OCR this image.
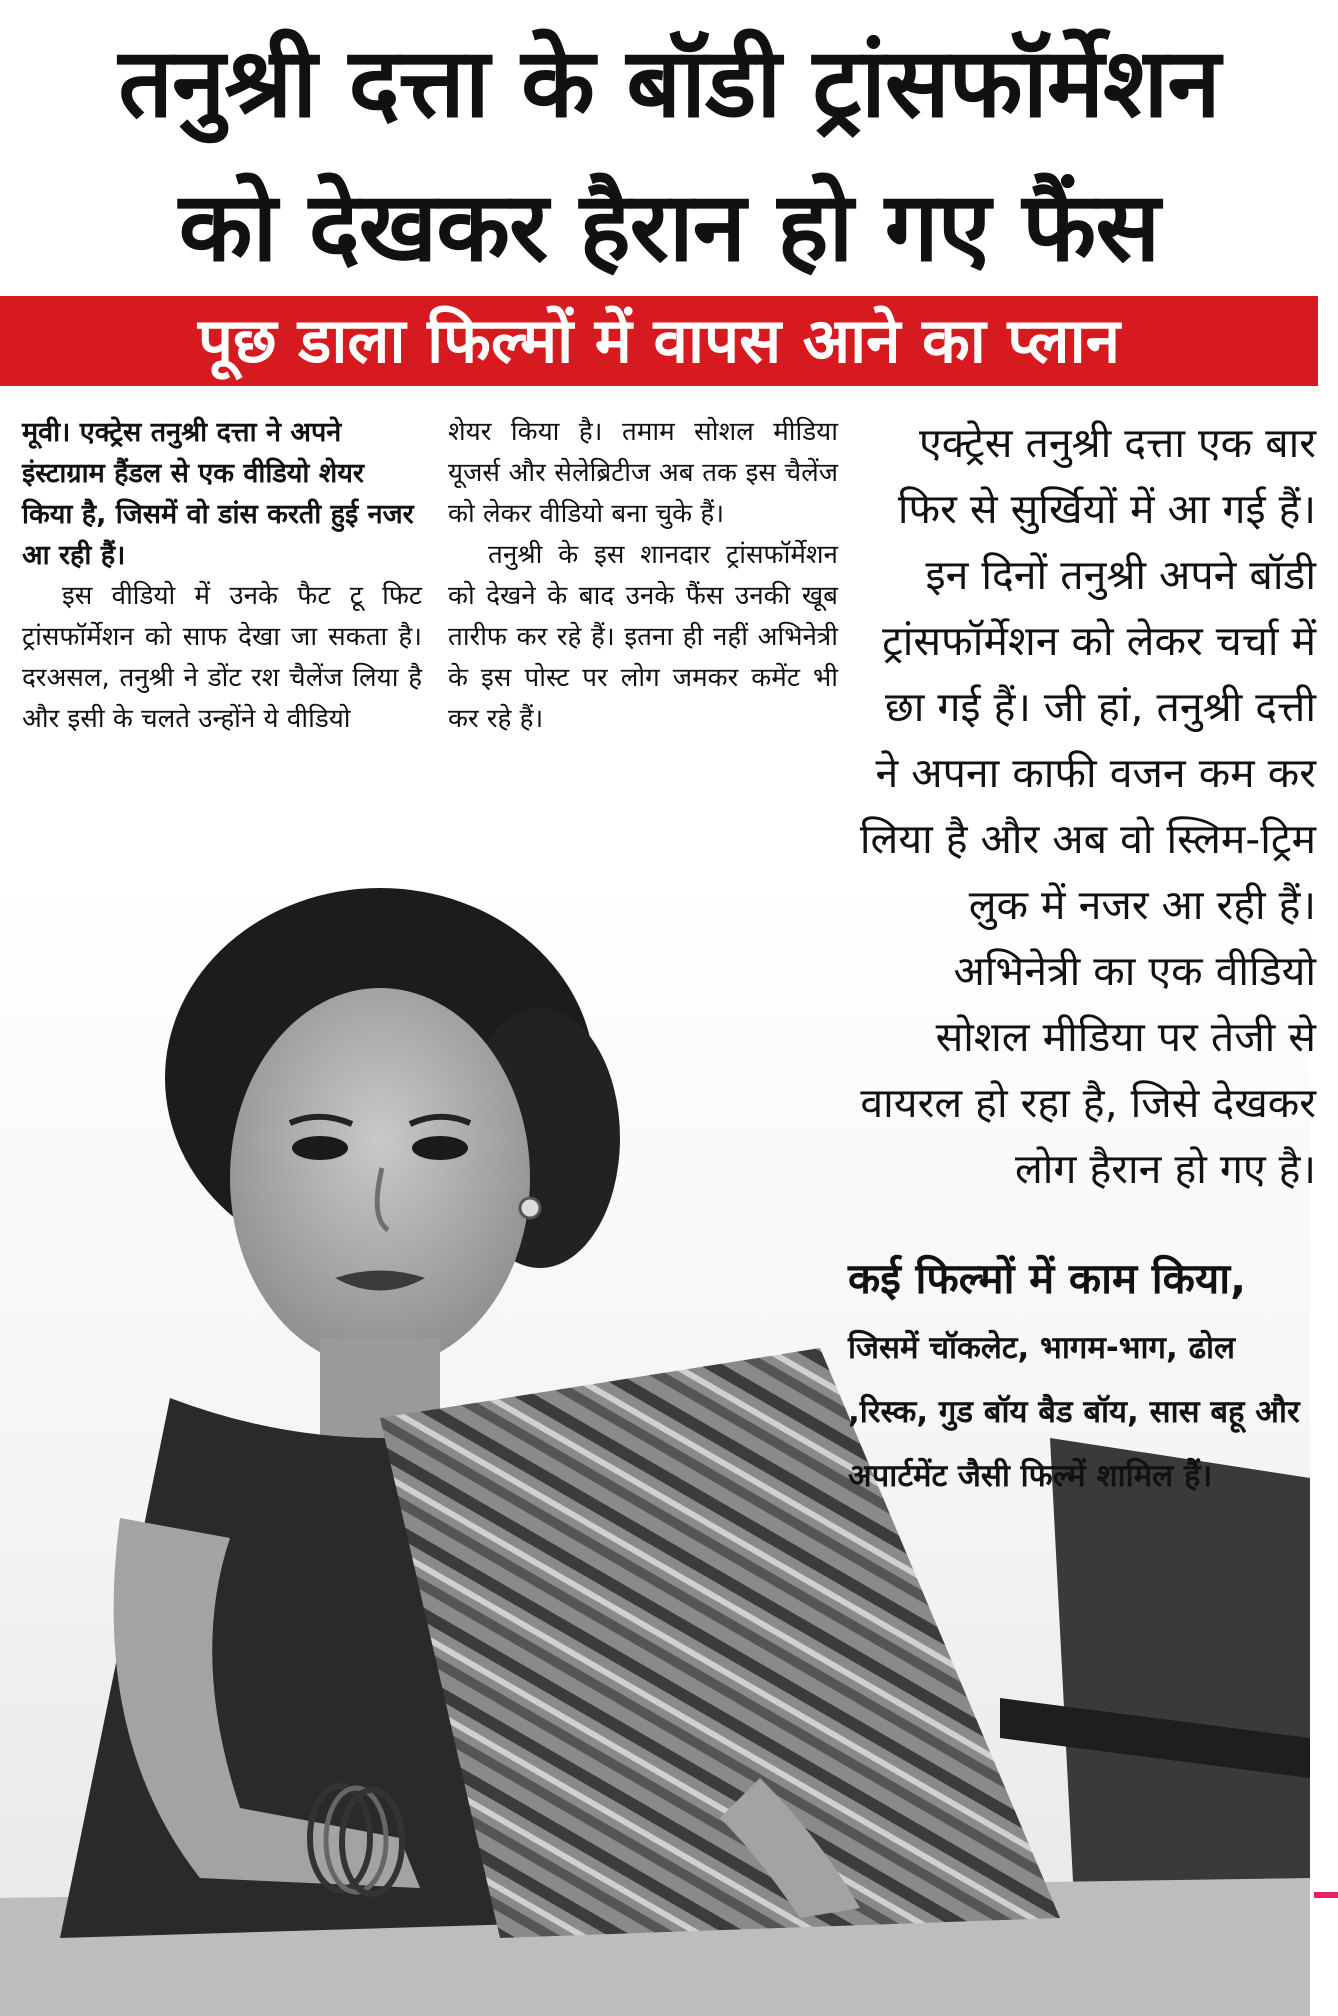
तनुश्री दत्ता के बॉडी ट्रांसफॉर्मेशन
को देखकर हैरान हो गए फैंस
पूछ डाला फिल्मों में वापस आने का प्लान

मूवी। एक्ट्रेस तनुश्री दत्ता ने अपने इंस्टाग्राम हैंडल से एक वीडियो शेयर किया है, जिसमें वो डांस करती हुई नजर आ रही हैं।

इस वीडियो में उनके फैट टू फिट ट्रांसफॉर्मेशन को साफ देखा जा सकता है। दरअसल, तनुश्री ने डोंट रश चैलेंज लिया है और इसी के चलते उन्होंने ये वीडियो

शेयर किया है। तमाम सोशल मीडिया यूजर्स और सेलेब्रिटीज अब तक इस चैलेंज को लेकर वीडियो बना चुके हैं।

तनुश्री के इस शानदार ट्रांसफॉर्मेशन को देखने के बाद उनके फैंस उनकी खूब तारीफ कर रहे हैं। इतना ही नहीं अभिनेत्री के इस पोस्ट पर लोग जमकर कमेंट भी कर रहे हैं।

एक्ट्रेस तनुश्री दत्ता एक बार फिर से सुर्खियों में आ गई हैं। इन दिनों तनुश्री अपने बॉडी ट्रांसफॉर्मेशन को लेकर चर्चा में छा गई हैं। जी हां, तनुश्री दत्ती ने अपना काफी वजन कम कर लिया है और अब वो स्लिम-ट्रिम लुक में नजर आ रही हैं। अभिनेत्री का एक वीडियो सोशल मीडिया पर तेजी से वायरल हो रहा है, जिसे देखकर लोग हैरान हो गए है।

कई फिल्मों में काम किया,
जिसमें चॉकलेट, भागम-भाग, ढोल ,रिस्क, गुड बॉय बैड बॉय, सास बहू और अपार्टमेंट जैसी फिल्में शामिल हैं।
